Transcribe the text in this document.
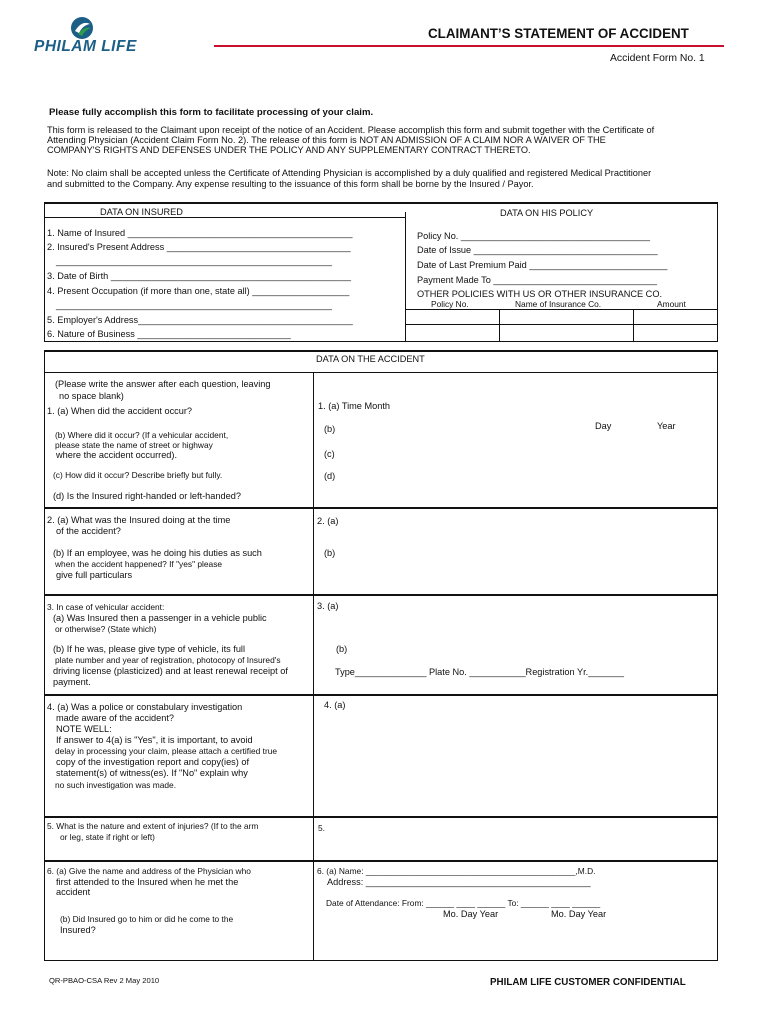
PHILAM LIFE
CLAIMANT’S STATEMENT OF ACCIDENT
Accident Form No. 1
Please fully accomplish this form to facilitate processing of your claim.
This form is released to the Claimant upon receipt of the notice of an Accident. Please accomplish this form and submit together with the Certificate of
Attending Physician (Accident Claim Form No. 2). The release of this form is NOT AN ADMISSION OF A CLAIM NOR A WAIVER OF THE
COMPANY'S RIGHTS AND DEFENSES UNDER THE POLICY AND ANY SUPPLEMENTARY CONTRACT THERETO.
Note: No claim shall be accepted unless the Certificate of Attending Physician is accomplished by a duly qualified and registered Medical Practitioner
and submitted to the Company. Any expense resulting to the issuance of this form shall be borne by the Insured / Payor.
DATA ON INSURED	DATA ON HIS POLICY
1. Name of Insured ____________________________________________
2. Insured's Present Address ____________________________________
______________________________________________________
3. Date of Birth _______________________________________________
4. Present Occupation (if more than one, state all) ___________________
______________________________________________________
5. Employer's Address__________________________________________
6. Nature of Business ______________________________
Policy No. _____________________________________
Date of Issue ____________________________________
Date of Last Premium Paid ___________________________
Payment Made To ________________________________
OTHER POLICIES WITH US OR OTHER INSURANCE CO.
Policy No.	Name of Insurance Co.	Amount
DATA ON THE ACCIDENT
(Please write the answer after each question, leaving
no space blank)
1. (a) When did the accident occur?
(b) Where did it occur? (If a vehicular accident,
please state the name of street or highway
where the accident occurred).
(c) How did it occur? Describe briefly but fully.
(d) Is the Insured right-handed or left-handed?
1. (a) Time Month
Day	Year
(b)
(c)
(d)
2. (a) What was the Insured doing at the time
of the accident?
(b) If an employee, was he doing his duties as such
when the accident happened? If "yes" please
give full particulars
2. (a)
(b)
3. In case of vehicular accident:
(a) Was Insured then a passenger in a vehicle public
or otherwise? (State which)
(b) If he was, please give type of vehicle, its full
plate number and year of registration, photocopy of Insured's
driving license (plasticized) and at least renewal receipt of
payment.
3. (a)
(b)
Type______________ Plate No. ___________Registration Yr._______
4. (a) Was a police or constabulary investigation
made aware of the accident?
NOTE WELL:
If answer to 4(a) is "Yes", it is important, to avoid
delay in processing your claim, please attach a certified true
copy of the investigation report and copy(ies) of
statement(s) of witness(es). If "No" explain why
no such investigation was made.
4. (a)
5. What is the nature and extent of injuries? (If to the arm
or leg, state if right or left)
5.
6. (a) Give the name and address of the Physician who
first attended to the Insured when he met the
accident
(b) Did Insured go to him or did he come to the
Insured?
6. (a) Name: _____________________________________________,M.D.
Address: ____________________________________________
Date of Attendance: From: ______ ____ ______ To: ______ ____ ______
Mo. Day Year	Mo. Day Year
QR-PBAO-CSA Rev 2 May 2010	PHILAM LIFE CUSTOMER CONFIDENTIAL
